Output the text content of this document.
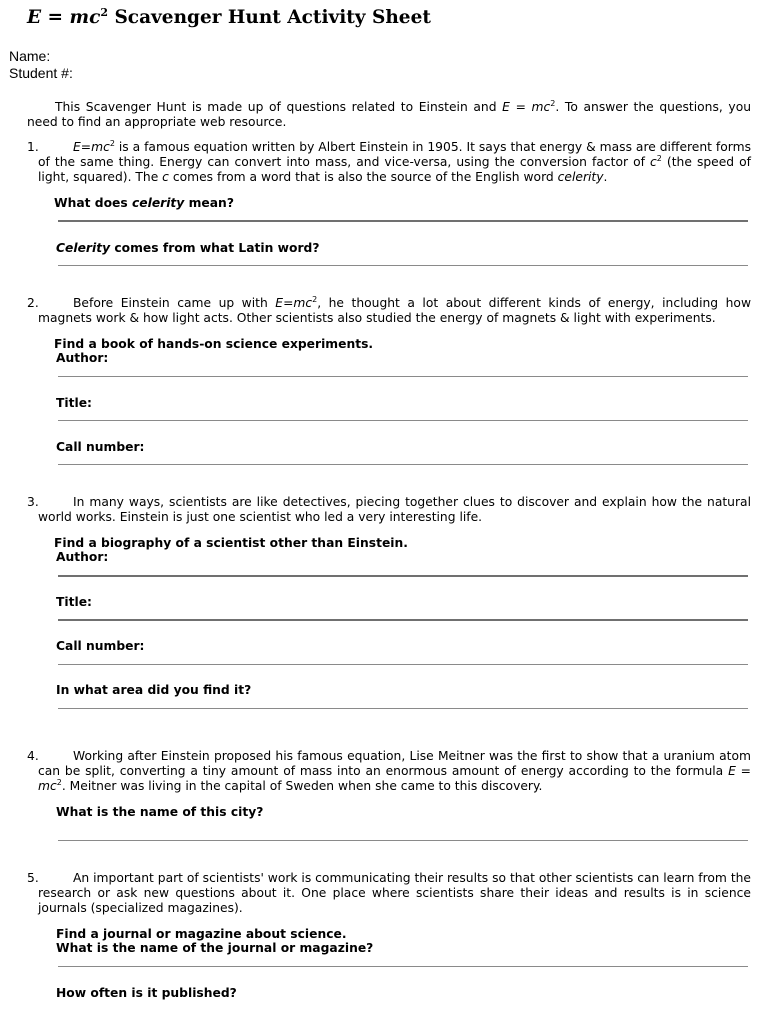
$E = mc^2$ Scavenger Hunt Activity Sheet
Name:
Student #:
This Scavenger Hunt is made up of questions related to Einstein and $E = mc^2$. To answer the questions, you need to find an appropriate web resource.
1.	$E=mc^2$ is a famous equation written by Albert Einstein in 1905. It says that energy & mass are different forms of the same thing. Energy can convert into mass, and vice-versa, using the conversion factor of $c^2$ (the speed of light, squared). The c comes from a word that is also the source of the English word celerity.
What does celerity mean?
Celerity comes from what Latin word?
2.	Before Einstein came up with $E=mc^2$, he thought a lot about different kinds of energy, including how magnets work & how light acts. Other scientists also studied the energy of magnets & light with experiments.
Find a book of hands-on science experiments.
Author:
Title:
Call number:
3.	In many ways, scientists are like detectives, piecing together clues to discover and explain how the natural world works. Einstein is just one scientist who led a very interesting life.
Find a biography of a scientist other than Einstein.
Author:
Title:
Call number:
In what area did you find it?
4.	Working after Einstein proposed his famous equation, Lise Meitner was the first to show that a uranium atom can be split, converting a tiny amount of mass into an enormous amount of energy according to the formula $E = mc^2$. Meitner was living in the capital of Sweden when she came to this discovery.
What is the name of this city?
5.	An important part of scientists' work is communicating their results so that other scientists can learn from the research or ask new questions about it. One place where scientists share their ideas and results is in science journals (specialized magazines).
Find a journal or magazine about science.
What is the name of the journal or magazine?
How often is it published?
